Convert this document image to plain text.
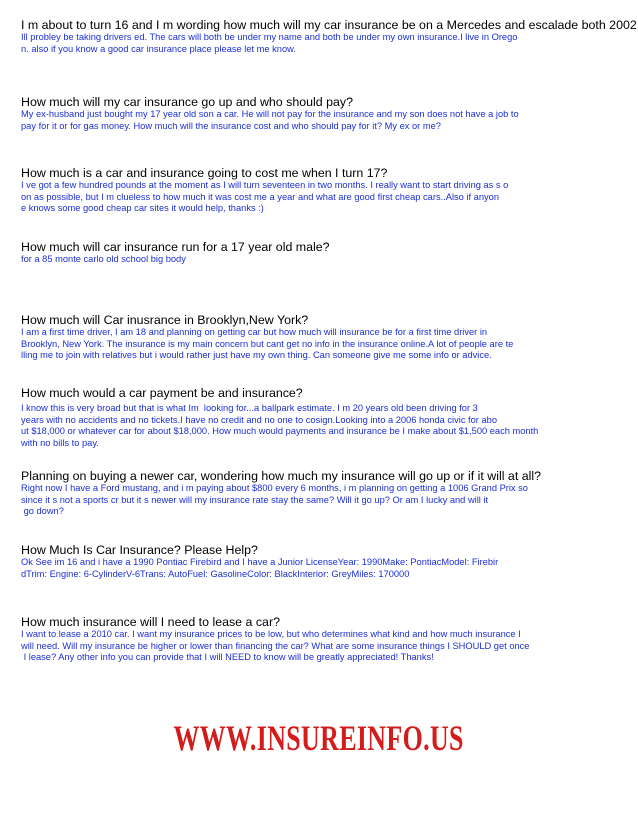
I m about to turn 16 and I m wording how much will my car insurance be on a Mercedes and escalade both 2002

Ill probley be taking drivers ed. The cars will both be under my name and both be under my own insurance.I live in Orego
n. also if you know a good car insurance place please let me know.

How much will my car insurance go up and who should pay?

My ex-husband just bought my 17 year old son a car. He will not pay for the insurance and my son does not have a job to
pay for it or for gas money. How much will the insurance cost and who should pay for it? My ex or me?

How much is a car and insurance going to cost me when I turn 17?

I ve got a few hundred pounds at the moment as I will turn seventeen in two months. I really want to start driving as s o
on as possible, but I m clueless to how much it was cost me a year and what are good first cheap cars..Also if anyon
e knows some good cheap car sites it would help, thanks :)

How much will car insurance run for a 17 year old male?

for a 85 monte carlo old school big body

How much will Car inusrance in Brooklyn,New York?

I am a first time driver, I am 18 and planning on getting car but how much will insurance be for a first time driver in
Brooklyn, New York. The insurance is my main concern but cant get no info in the insurance online.A lot of people are te
lling me to join with relatives but i would rather just have my own thing. Can someone give me some info or advice.

How much would a car payment be and insurance?

I know this is very broad but that is what Im  looking for...a ballpark estimate. I m 20 years old been driving for 3
years with no accidents and no tickets.I have no credit and no one to cosign.Looking into a 2006 honda civic for abo
ut $18,000 or whatever car for about $18,000. How much would payments and insurance be I make about $1,500 each month
with no bills to pay.

Planning on buying a newer car, wondering how much my insurance will go up or if it will at all?

Right now I have a Ford mustang, and i m paying about $800 every 6 months, i m planning on getting a 1006 Grand Prix so
since it s not a sports cr but it s newer will my insurance rate stay the same? Will it go up? Or am I lucky and will it
go down?

How Much Is Car Insurance? Please Help?

Ok See im 16 and i have a 1990 Pontiac Firebird and I have a Junior LicenseYear: 1990Make: PontiacModel: Firebir
dTrim: Engine: 6-CylinderV-6Trans: AutoFuel: GasolineColor: BlackInterior: GreyMiles: 170000

How much insurance will I need to lease a car?

I want to lease a 2010 car. I want my insurance prices to be low, but who determines what kind and how much insurance I
will need. Will my insurance be higher or lower than financing the car? What are some insurance things I SHOULD get once
I lease? Any other info you can provide that I will NEED to know will be greatly appreciated! Thanks!

WWW.INSUREINFO.US
